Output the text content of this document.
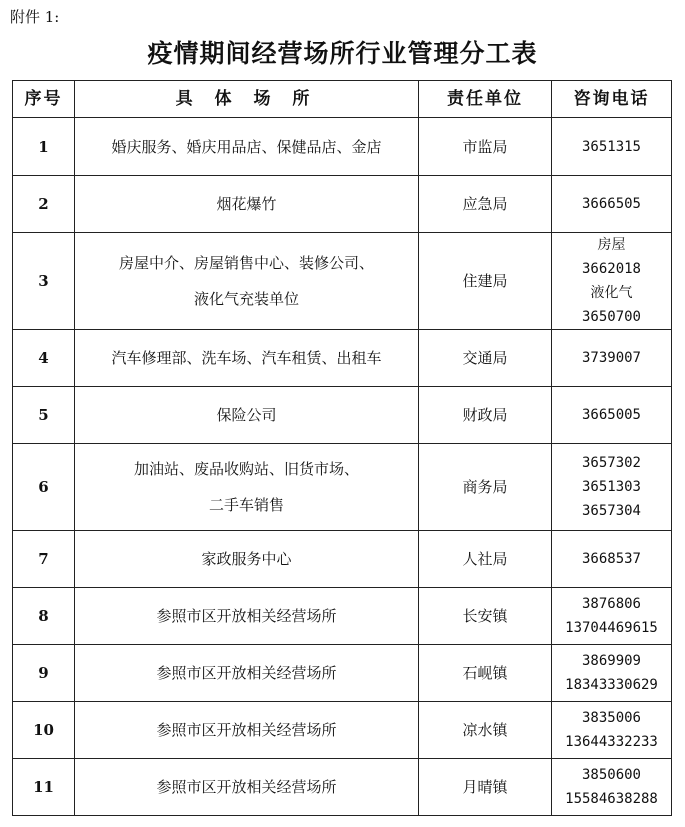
附件 1:
疫情期间经营场所行业管理分工表
序号	具 体 场 所	责任单位	咨询电话
1	婚庆服务、婚庆用品店、保健品店、金店	市监局	3651315

2	烟花爆竹	应急局	3666505

3	房屋中介、房屋销售中心、装修公司、
液化气充装单位	住建局	房屋
3662018
液化气
3650700

4	汽车修理部、洗车场、汽车租赁、出租车	交通局	3739007

5	保险公司	财政局	3665005

6	加油站、废品收购站、旧货市场、
二手车销售	商务局	3657302
3651303
3657304

7	家政服务中心	人社局	3668537

8	参照市区开放相关经营场所	长安镇	3876806
13704469615

9	参照市区开放相关经营场所	石岘镇	3869909
18343330629

10	参照市区开放相关经营场所	凉水镇	3835006
13644332233

11	参照市区开放相关经营场所	月晴镇	3850600
15584638288
